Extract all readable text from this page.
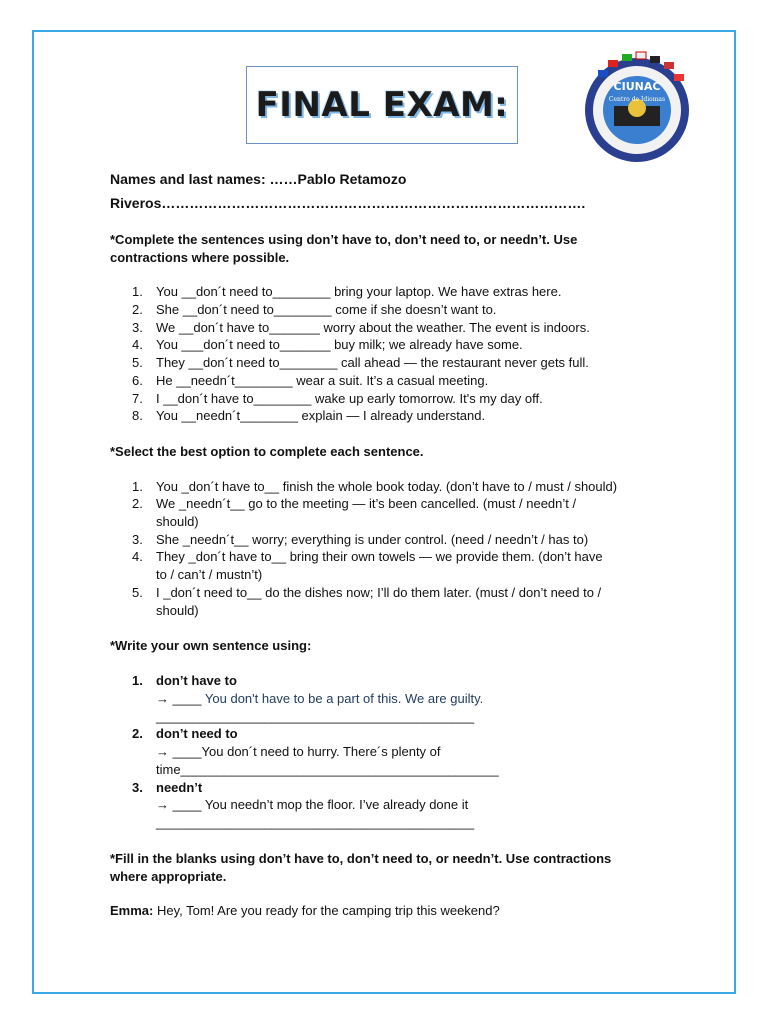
FINAL EXAM:	CIUNAC
Centro de Idiomas
Names and last names: ……Pablo Retamozo
Riveros……………………………………………………………………………….
*Complete the sentences using don’t have to, don’t need to, or needn’t. Use
contractions where possible.
1. You __don´t need to________ bring your laptop. We have extras here.
2. She __don´t need to________ come if she doesn’t want to.
3. We __don´t have to_______ worry about the weather. The event is indoors.
4. You ___don´t need to_______ buy milk; we already have some.
5. They __don´t need to________ call ahead — the restaurant never gets full.
6. He __needn´t________ wear a suit. It’s a casual meeting.
7. I __don´t have to________ wake up early tomorrow. It's my day off.
8. You __needn´t________ explain — I already understand.
*Select the best option to complete each sentence.
1. You _don´t have to__ finish the whole book today. (don’t have to / must / should)
2. We _needn´t__ go to the meeting — it’s been cancelled. (must / needn’t /
should)
3. She _needn´t__ worry; everything is under control. (need / needn’t / has to)
4. They _don´t have to__ bring their own towels — we provide them. (don’t have
to / can’t / mustn’t)
5. I _don´t need to__ do the dishes now; I’ll do them later. (must / don’t need to /
should)
*Write your own sentence using:
1. don’t have to
→ ____ You don't have to be a part of this. We are guilty.
____________________________________________
2. don’t need to
→ ____You don´t need to hurry. There´s plenty of
time____________________________________________
3. needn’t
→ ____ You needn’t mop the floor. I’ve already done it
____________________________________________
*Fill in the blanks using don’t have to, don’t need to, or needn’t. Use contractions
where appropriate.
Emma: Hey, Tom! Are you ready for the camping trip this weekend?
